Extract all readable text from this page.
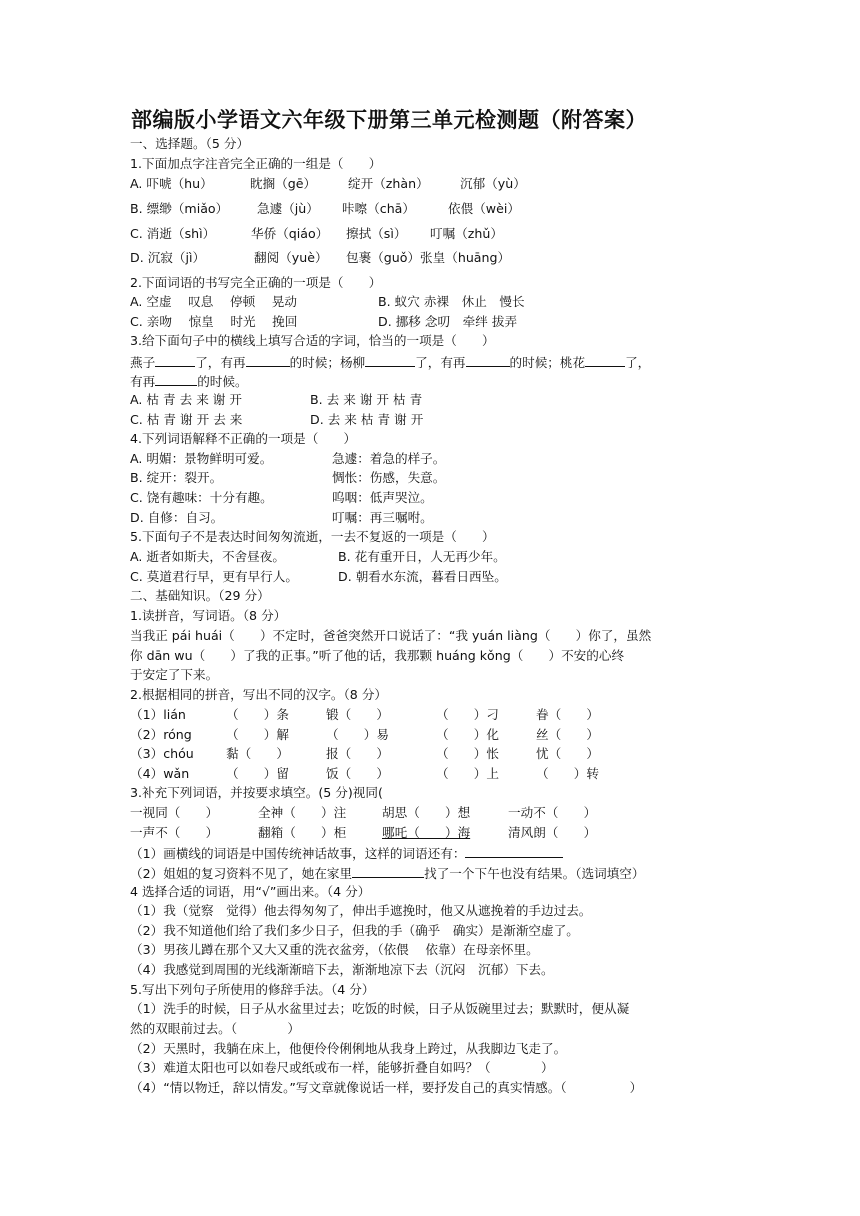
部编版小学语文六年级下册第三单元检测题（附答案）
一、选择题。（5 分）
1.下面加点字注音完全正确的一组是（　　）
A. 吓唬（hu）	眈搁（gē）	绽开（zhàn） 沉郁（yù）
B. 缥缈（miǎo） 急遽（jù） 咔嚓（chā）	依偎（wèi）
C. 消逝（shì）	华侨（qiáo） 擦拭（sì） 叮嘱（zhǔ）
D. 沉寂（jì）	翻阅（yuè） 包裹（guǒ）张皇（huāng）
2.下面词语的书写完全正确的一项是（　　）
A. 空虚　 叹息　 停顿　 晃动	B. 蚁穴 赤裸　休止　慢长
C. 亲吻　 惊皇　 时光　 挽回	D. 挪移 念叨　牵绊 拔弄
3.给下面句子中的横线上填写合适的字词，恰当的一项是（　　）
燕子	了，有再	的时候；杨柳	了，有再	的时候；桃花	了，
有再	的时候。
A. 枯 青 去 来 谢 开	B. 去 来 谢 开 枯 青
C. 枯 青 谢 开 去 来	D. 去 来 枯 青 谢 开
4.下列词语解释不正确的一项是（　　）
A. 明媚：景物鲜明可爱。	急遽：着急的样子。
B. 绽开：裂开。	惆怅：伤感，失意。
C. 饶有趣味：十分有趣。	呜咽：低声哭泣。
D. 自修：自习。	叮嘱：再三嘱咐。
5.下面句子不是表达时间匆匆流逝，一去不复返的一项是（　　）
A. 逝者如斯夫，不舍昼夜。	B. 花有重开日，人无再少年。
C. 莫道君行早，更有早行人。	D. 朝看水东流，暮看日西坠。
二、基础知识。（29 分）
1.读拼音，写词语。（8 分）
当我正 pái huái（　　）不定时，爸爸突然开口说话了：“我 yuán liàng（　　）你了，虽然
你 dān wu（　　）了我的正事。”听了他的话，我那颗 huáng kǒng（　　）不安的心终
于安定了下来。
2.根据相同的拼音，写出不同的汉字。（8 分）
（1）lián	（　　）条	锻（　　）	（　　）刁	眷（　　）
（2）róng	（　　）解	（　　）易	（　　）化	丝（　　）
（3）chóu	黏（　　）	报（　　）	（　　）怅	忧（　　）
（4）wǎn	（　　）留	饭（　　）	（　　）上	（　　）转
3.补充下列词语，并按要求填空。(5 分)视同(
一视同（　　）	全神（　　）注	胡思（　　）想	一动不（　　）
一声不（　　）	翻箱（　　）柜	哪吒（　　）海	清风朗（　　）
（1）画横线的词语是中国传统神话故事，这样的词语还有：
（2）姐姐的复习资料不见了，她在家里	找了一个下午也没有结果。（选词填空）
4 选择合适的词语，用“√”画出来。（4 分）
（1）我（觉察　觉得）他去得匆匆了，伸出手遮挽时，他又从遮挽着的手边过去。
（2）我不知道他们给了我们多少日子，但我的手（确乎　确实）是渐渐空虚了。
（3）男孩儿蹲在那个又大又重的洗衣盆旁，（依偎　 依靠）在母亲怀里。
（4）我感觉到周围的光线渐渐暗下去，渐渐地凉下去（沉闷　沉郁）下去。
5.写出下列句子所使用的修辞手法。（4 分）
（1）洗手的时候，日子从水盆里过去；吃饭的时候，日子从饭碗里过去；默默时，便从凝
然的双眼前过去。（　　　　）
（2）天黑时，我躺在床上，他便伶伶俐俐地从我身上跨过，从我脚边飞走了。
（3）难道太阳也可以如卷尺或纸或布一样，能够折叠自如吗？（　　　　）
（4）“情以物迁，辞以情发。”写文章就像说话一样，要抒发自己的真实情感。（　　　　　）
